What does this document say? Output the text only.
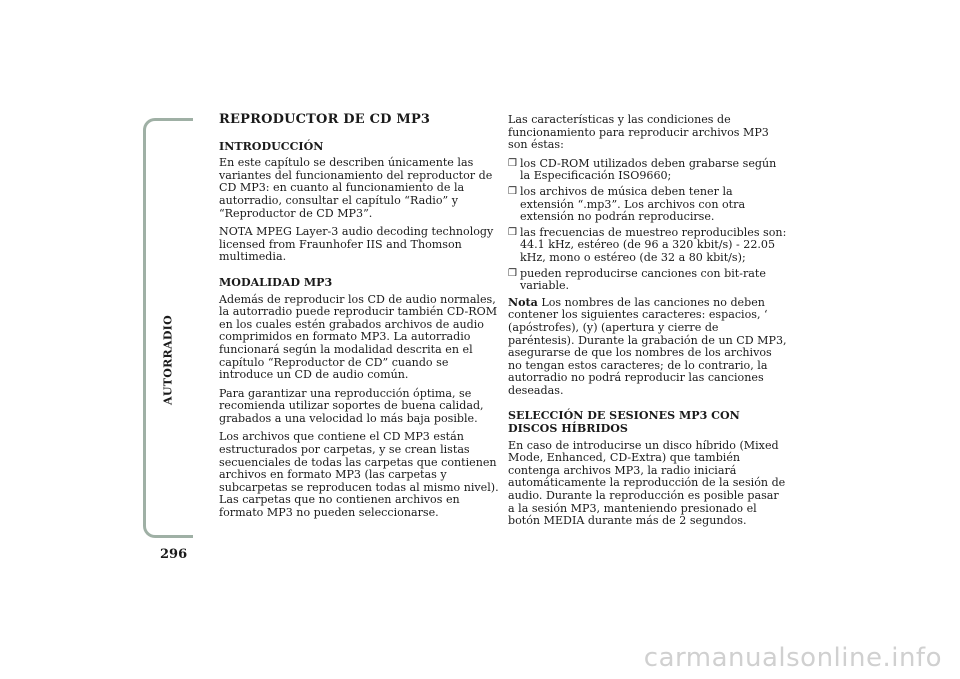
AUTORRADIO
296
REPRODUCTOR DE CD MP3
INTRODUCCIÓN

En este capítulo se describen únicamente las variantes del funcionamiento del reproductor de CD MP3: en cuanto al funcionamiento de la autorradio, consultar el capítulo “Radio” y “Reproductor de CD MP3”.

NOTA MPEG Layer-3 audio decoding technology licensed from Fraunhofer IIS and Thomson multimedia.

MODALIDAD MP3

Además de reproducir los CD de audio normales, la autorradio puede reproducir también CD-ROM en los cuales estén grabados archivos de audio comprimidos en formato MP3. La autorradio funcionará según la modalidad descrita en el capítulo “Reproductor de CD” cuando se introduce un CD de audio común.

Para garantizar una reproducción óptima, se recomienda utilizar soportes de buena calidad, grabados a una velocidad lo más baja posible.

Los archivos que contiene el CD MP3 están estructurados por carpetas, y se crean listas secuenciales de todas las carpetas que contienen archivos en formato MP3 (las carpetas y subcarpetas se reproducen todas al mismo nivel). Las carpetas que no contienen archivos en formato MP3 no pueden seleccionarse.

Las características y las condiciones de funcionamiento para reproducir archivos MP3 son éstas:

❒ los CD-ROM utilizados deben grabarse según la Especificación ISO9660;
❒ los archivos de música deben tener la extensión “.mp3”. Los archivos con otra extensión no podrán reproducirse.
❒ las frecuencias de muestreo reproducibles son: 44.1 kHz, estéreo (de 96 a 320 kbit/s) - 22.05 kHz, mono o estéreo (de 32 a 80 kbit/s);
❒ pueden reproducirse canciones con bit-rate variable.

Nota Los nombres de las canciones no deben contener los siguientes caracteres: espacios, ‘ (apóstrofes), (y) (apertura y cierre de paréntesis). Durante la grabación de un CD MP3, asegurarse de que los nombres de los archivos no tengan estos caracteres; de lo contrario, la autorradio no podrá reproducir las canciones deseadas.

SELECCIÓN DE SESIONES MP3 CON DISCOS HÍBRIDOS

En caso de introducirse un disco híbrido (Mixed Mode, Enhanced, CD-Extra) que también contenga archivos MP3, la radio iniciará automáticamente la reproducción de la sesión de audio. Durante la reproducción es posible pasar a la sesión MP3, manteniendo presionado el botón MEDIA durante más de 2 segundos.

carmanualsonline.info
